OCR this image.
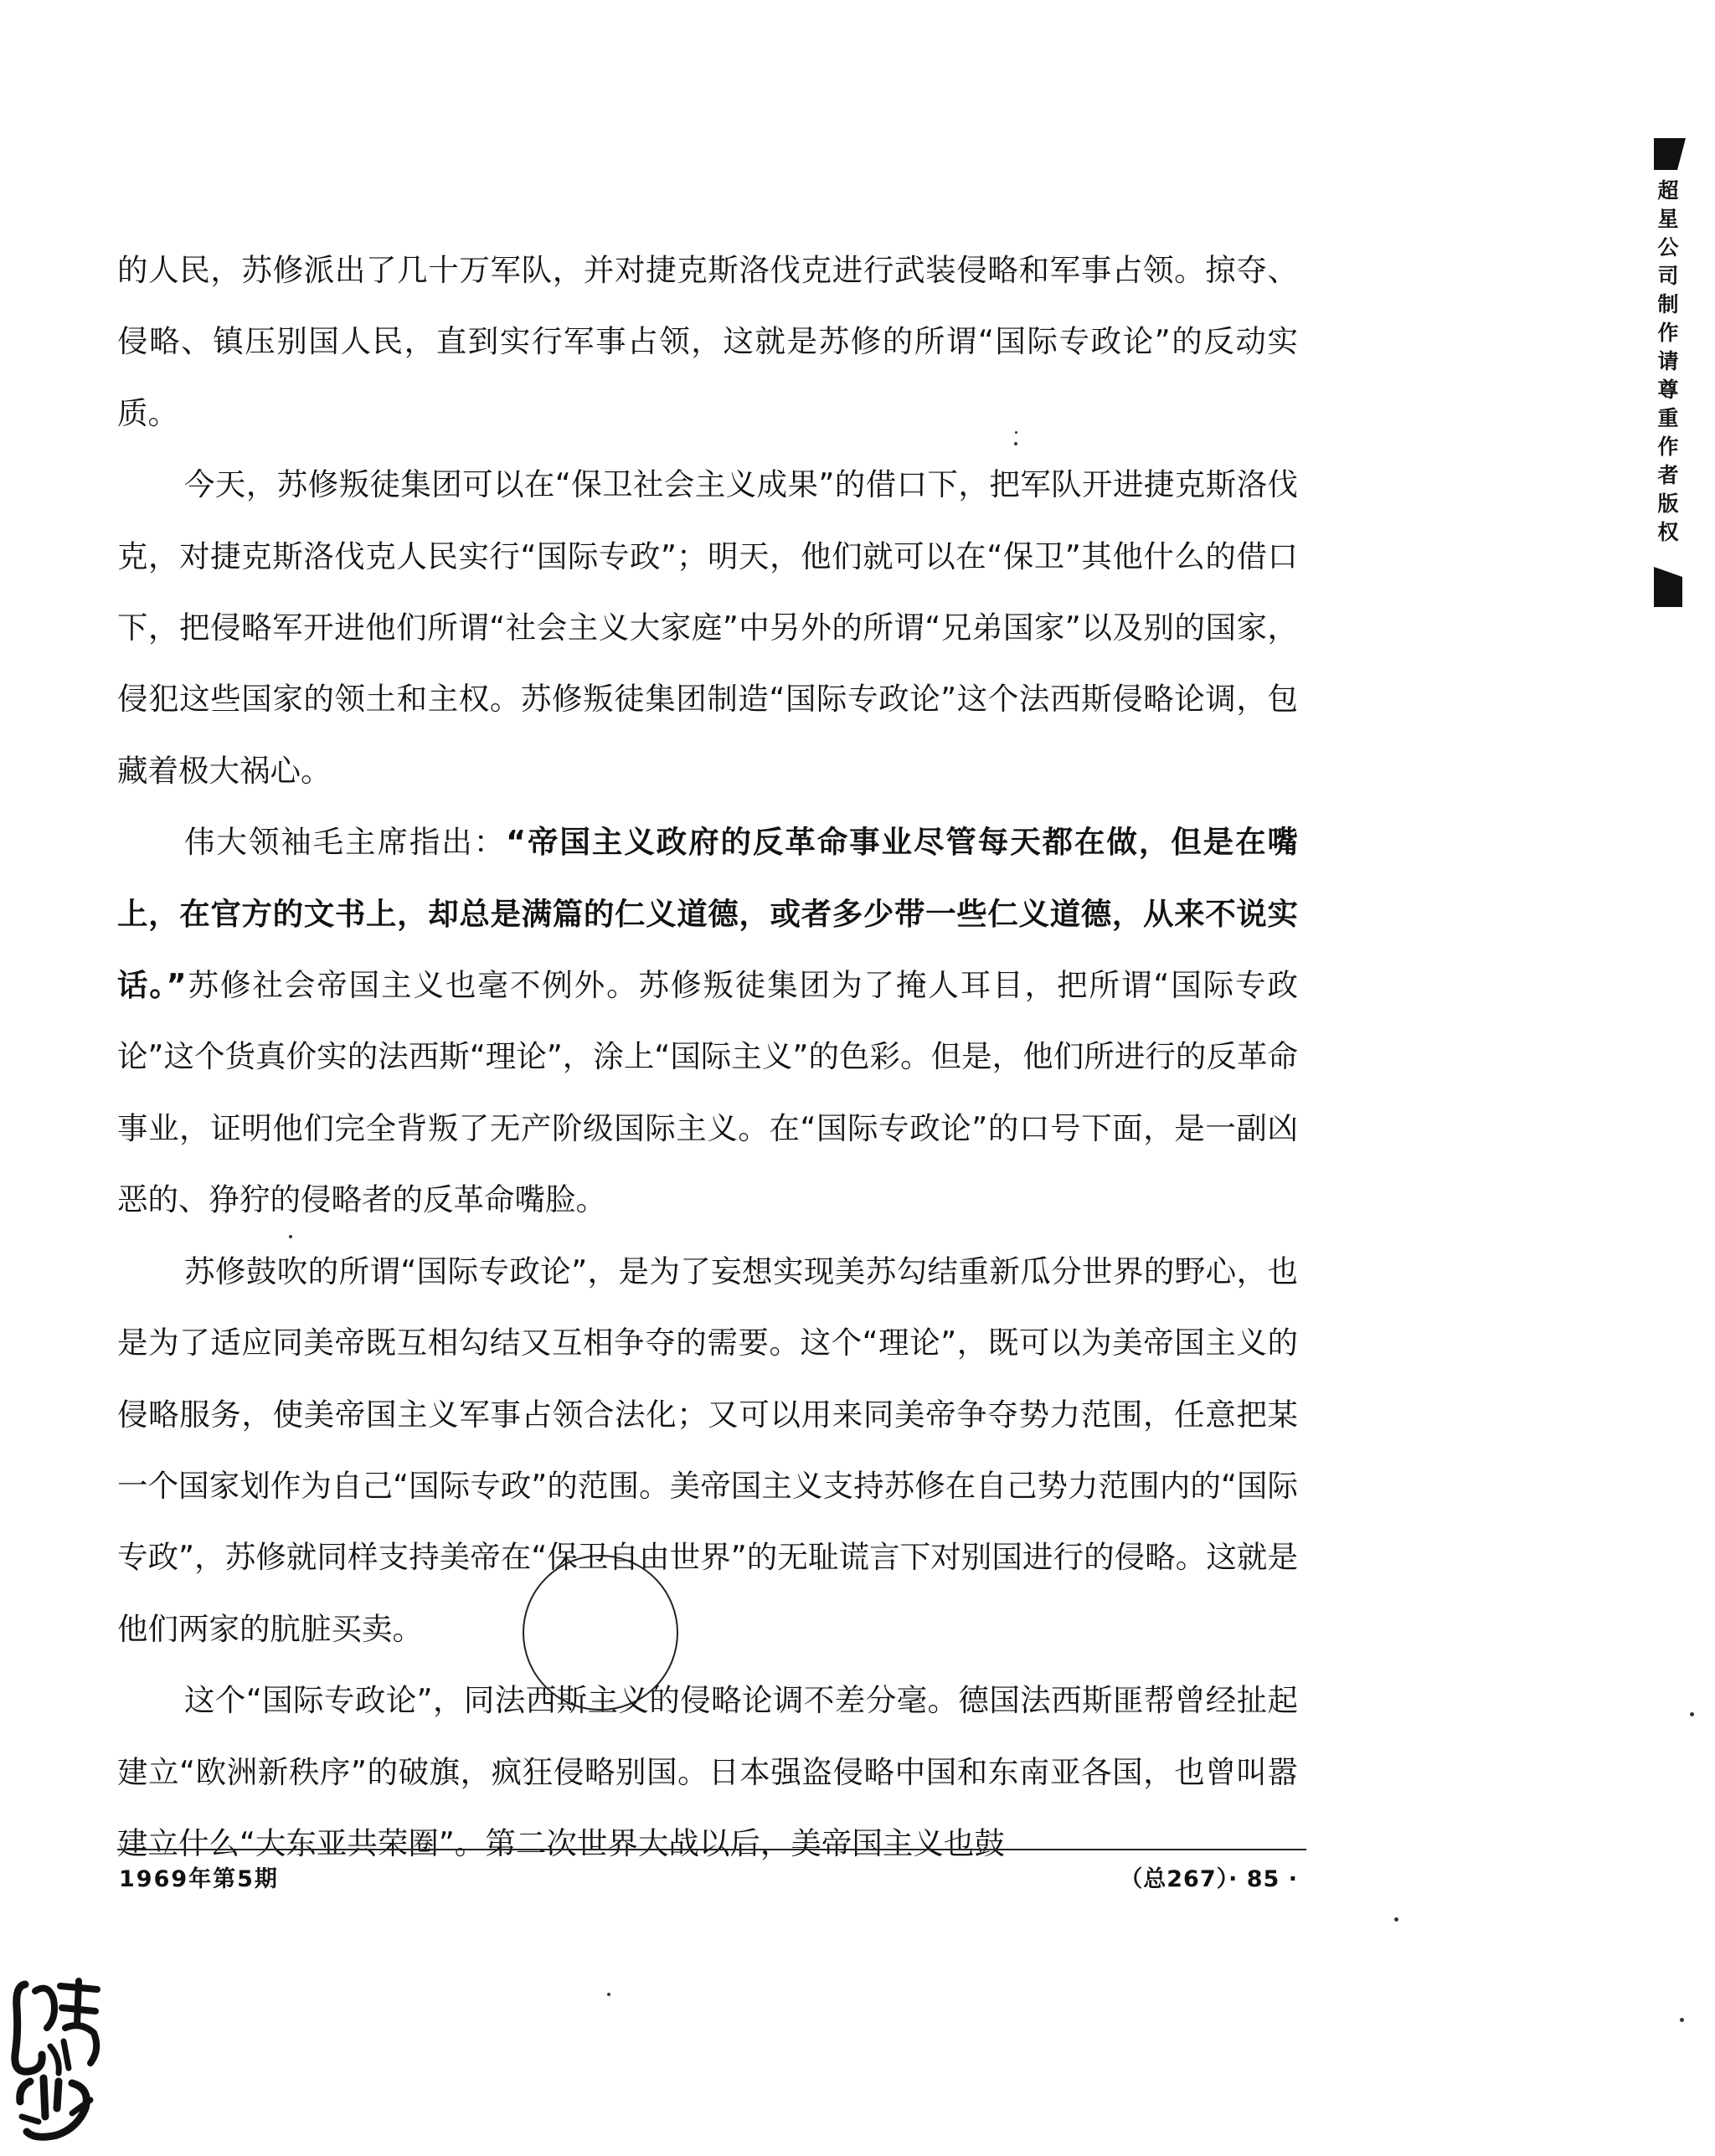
的人民，苏修派出了几十万军队，并对捷克斯洛伐克进行武装侵略和军事占领。掠夺、侵略、镇压别国人民，直到实行军事占领，这就是苏修的所谓“国际专政论”的反动实质。

今天，苏修叛徒集团可以在“保卫社会主义成果”的借口下，把军队开进捷克斯洛伐克，对捷克斯洛伐克人民实行“国际专政”；明天，他们就可以在“保卫”其他什么的借口下，把侵略军开进他们所谓“社会主义大家庭”中另外的所谓“兄弟国家”以及别的国家，侵犯这些国家的领土和主权。苏修叛徒集团制造“国际专政论”这个法西斯侵略论调，包藏着极大祸心。

伟大领袖毛主席指出：“帝国主义政府的反革命事业尽管每天都在做，但是在嘴上，在官方的文书上，却总是满篇的仁义道德，或者多少带一些仁义道德，从来不说实话。”苏修社会帝国主义也毫不例外。苏修叛徒集团为了掩人耳目，把所谓“国际专政论”这个货真价实的法西斯“理论”，涂上“国际主义”的色彩。但是，他们所进行的反革命事业，证明他们完全背叛了无产阶级国际主义。在“国际专政论”的口号下面，是一副凶恶的、狰狞的侵略者的反革命嘴脸。

苏修鼓吹的所谓“国际专政论”，是为了妄想实现美苏勾结重新瓜分世界的野心，也是为了适应同美帝既互相勾结又互相争夺的需要。这个“理论”，既可以为美帝国主义的侵略服务，使美帝国主义军事占领合法化；又可以用来同美帝争夺势力范围，任意把某一个国家划作为自己“国际专政”的范围。美帝国主义支持苏修在自己势力范围内的“国际专政”，苏修就同样支持美帝在“保卫自由世界”的无耻谎言下对别国进行的侵略。这就是他们两家的肮脏买卖。

这个“国际专政论”，同法西斯主义的侵略论调不差分毫。德国法西斯匪帮曾经扯起建立“欧洲新秩序”的破旗，疯狂侵略别国。日本强盗侵略中国和东南亚各国，也曾叫嚣建立什么“大东亚共荣圈”。第二次世界大战以后，美帝国主义也鼓

1969年第5期	（总267）· 85 ·
超星公司制作请尊重作者版权
